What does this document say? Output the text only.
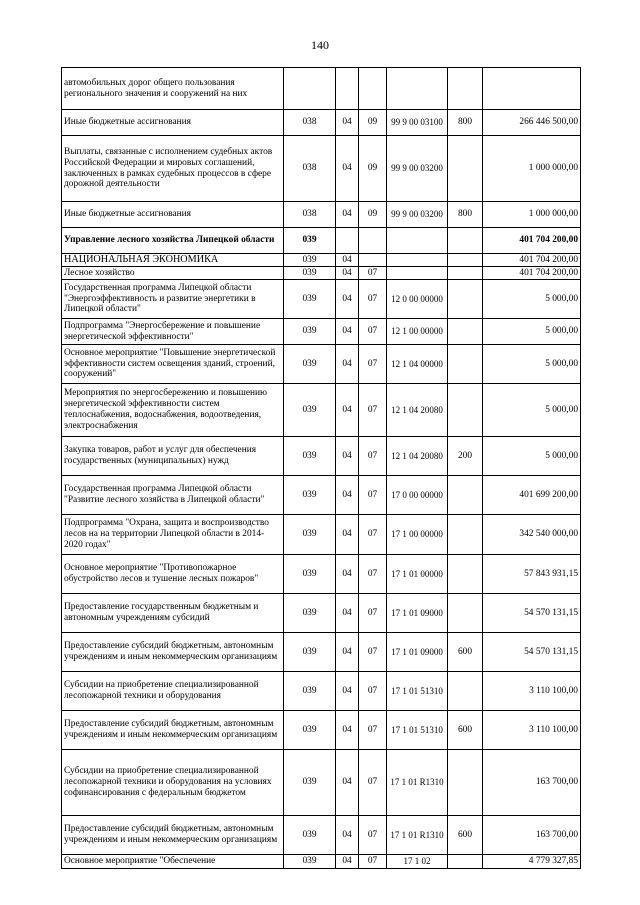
140
автомобильных дорог общего пользования регионального значения и сооружений на них						
Иные бюджетные ассигнования	038	04	09	99 9 00 03100	800	266 446 500,00
Выплаты, связанные с исполнением судебных актов Российской Федерации и мировых соглашений, заключенных в рамках судебных процессов в сфере дорожной деятельности	038	04	09	99 9 00 03200		1 000 000,00
Иные бюджетные ассигнования	038	04	09	99 9 00 03200	800	1 000 000,00
Управление лесного хозяйства Липецкой области	039					401 704 200,00
НАЦИОНАЛЬНАЯ ЭКОНОМИКА	039	04				401 704 200,00
Лесное хозяйство	039	04	07			401 704 200,00
Государственная программа Липецкой области "Энергоэффективность и развитие энергетики в Липецкой области"	039	04	07	12 0 00 00000		5 000,00
Подпрограмма "Энергосбережение и повышение энергетической эффективности"	039	04	07	12 1 00 00000		5 000,00
Основное мероприятие "Повышение энергетической эффективности систем освещения зданий, строений, сооружений"	039	04	07	12 1 04 00000		5 000,00
Мероприятия по энергосбережению и повышению энергетической эффективности систем теплоснабжения, водоснабжения, водоотведения, электроснабжения	039	04	07	12 1 04 20080		5 000,00
Закупка товаров, работ и услуг для обеспечения государственных (муниципальных) нужд	039	04	07	12 1 04 20080	200	5 000,00
Государственная программа Липецкой области "Развитие лесного хозяйства в Липецкой области"	039	04	07	17 0 00 00000		401 699 200,00
Подпрограмма "Охрана, защита и воспроизводство лесов на на территории Липецкой области в 2014-2020 годах"	039	04	07	17 1 00 00000		342 540 000,00
Основное мероприятие "Противопожарное обустройство лесов и тушение лесных пожаров"	039	04	07	17 1 01 00000		57 843 931,15
Предоставление государственным бюджетным и автономным учреждениям субсидий	039	04	07	17 1 01 09000		54 570 131,15
Предоставление субсидий бюджетным, автономным учреждениям и иным некоммерческим организациям	039	04	07	17 1 01 09000	600	54 570 131,15
Субсидии на приобретение специализированной лесопожарной техники и оборудования	039	04	07	17 1 01 51310		3 110 100,00
Предоставление субсидий бюджетным, автономным учреждениям и иным некоммерческим организациям	039	04	07	17 1 01 51310	600	3 110 100,00
Субсидии на приобретение специализированной лесопожарной техники и оборудования на условиях софинансирования с федеральным бюджетом	039	04	07	17 1 01 R1310		163 700,00
Предоставление субсидий бюджетным, автономным учреждениям и иным некоммерческим организациям	039	04	07	17 1 01 R1310	600	163 700,00
Основное мероприятие "Обеспечение	039	04	07	17 1 02		4 779 327,85
